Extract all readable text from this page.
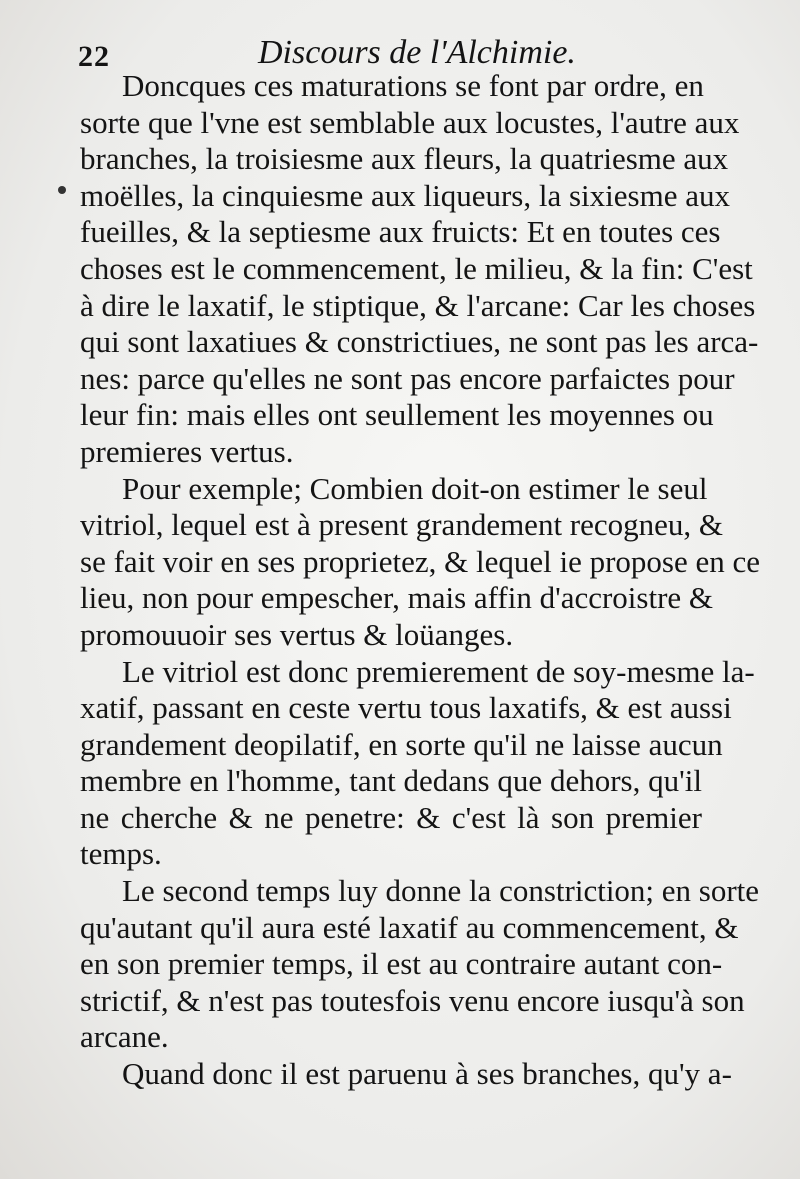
22	Discours de l'Alchimie.
Doncques ces maturations se font par ordre, en
sorte que l'vne est semblable aux locustes, l'autre aux
branches, la troisiesme aux fleurs, la quatriesme aux
moëlles, la cinquiesme aux liqueurs, la sixiesme aux
fueilles, & la septiesme aux fruicts: Et en toutes ces
choses est le commencement, le milieu, & la fin: C'est
à dire le laxatif, le stiptique, & l'arcane: Car les choses
qui sont laxatiues & constrictiues, ne sont pas les arca-
nes: parce qu'elles ne sont pas encore parfaictes pour
leur fin: mais elles ont seullement les moyennes ou
premieres vertus.
Pour exemple; Combien doit-on estimer le seul
vitriol, lequel est à present grandement recogneu, &
se fait voir en ses proprietez, & lequel ie propose en ce
lieu, non pour empescher, mais affin d'accroistre &
promouuoir ses vertus & loüanges.
Le vitriol est donc premierement de soy-mesme la-
xatif, passant en ceste vertu tous laxatifs, & est aussi
grandement deopilatif, en sorte qu'il ne laisse aucun
membre en l'homme, tant dedans que dehors, qu'il
ne cherche & ne penetre: & c'est là son premier
temps.
Le second temps luy donne la constriction; en sorte
qu'autant qu'il aura esté laxatif au commencement, &
en son premier temps, il est au contraire autant con-
strictif, & n'est pas toutesfois venu encore iusqu'à son
arcane.
Quand donc il est paruenu à ses branches, qu'y a-
